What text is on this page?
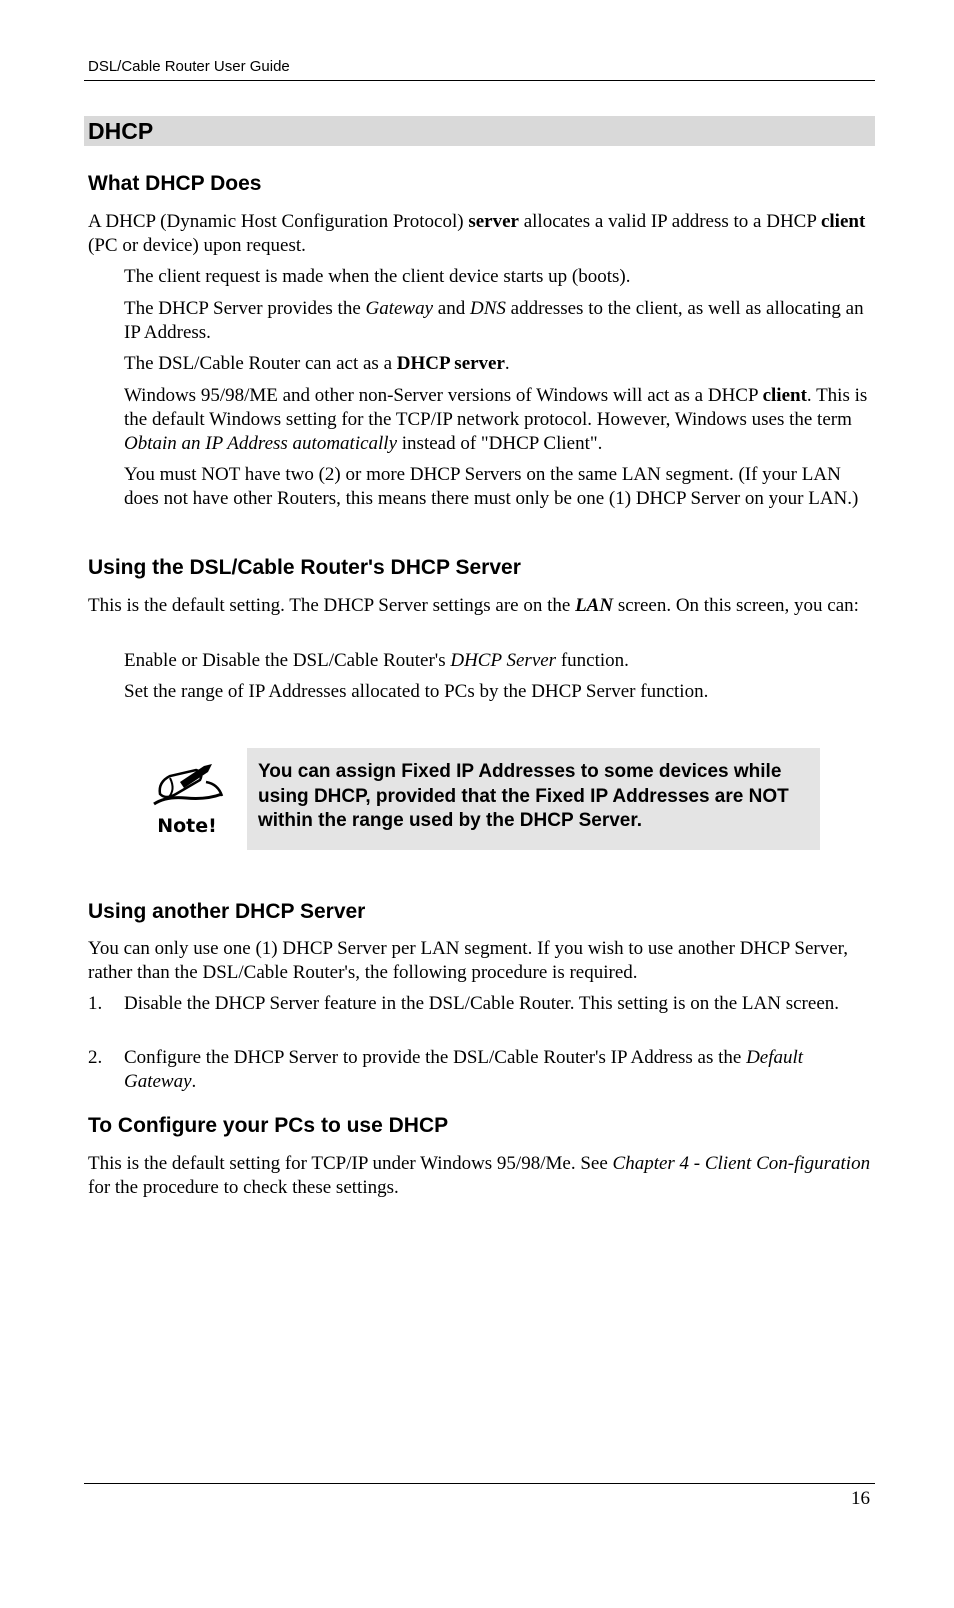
DSL/Cable Router User Guide
DHCP
What DHCP Does

A DHCP (Dynamic Host Configuration Protocol) server allocates a valid IP address to a DHCP client (PC or device) upon request.

The client request is made when the client device starts up (boots).

The DHCP Server provides the Gateway and DNS addresses to the client, as well as allocating an IP Address.

The DSL/Cable Router can act as a DHCP server.

Windows 95/98/ME and other non-Server versions of Windows will act as a DHCP client. This is the default Windows setting for the TCP/IP network protocol. However, Windows uses the term Obtain an IP Address automatically instead of "DHCP Client".

You must NOT have two (2) or more DHCP Servers on the same LAN segment. (If your LAN does not have other Routers, this means there must only be one (1) DHCP Server on your LAN.)

Using the DSL/Cable Router's DHCP Server

This is the default setting. The DHCP Server settings are on the LAN screen. On this screen, you can:

Enable or Disable the DSL/Cable Router's DHCP Server function.

Set the range of IP Addresses allocated to PCs by the DHCP Server function.

Note!
You can assign Fixed IP Addresses to some devices while using DHCP, provided that the Fixed IP Addresses are NOT within the range used by the DHCP Server.
Using another DHCP Server

You can only use one (1) DHCP Server per LAN segment. If you wish to use another DHCP Server, rather than the DSL/Cable Router's, the following procedure is required.

1. Disable the DHCP Server feature in the DSL/Cable Router. This setting is on the LAN screen.

2. Configure the DHCP Server to provide the DSL/Cable Router's IP Address as the Default Gateway.

To Configure your PCs to use DHCP

This is the default setting for TCP/IP under Windows 95/98/Me. See Chapter 4 - Client Con-figuration for the procedure to check these settings.

16
